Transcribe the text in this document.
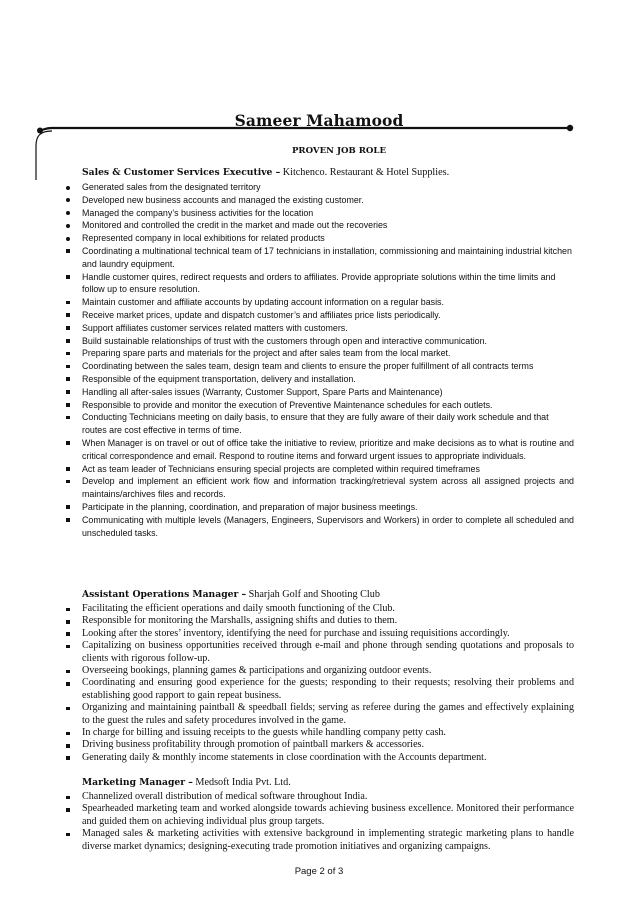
Sameer Mahamood
PROVEN JOB ROLE
Sales & Customer Services Executive – Kitchenco. Restaurant & Hotel Supplies.
Generated sales from the designated territory
Developed new business accounts and managed the existing customer.
Managed the company’s business activities for the location
Monitored and controlled the credit in the market and made out the recoveries
Represented company in local exhibitions for related products
Coordinating a multinational technical team of 17 technicians in installation, commissioning and maintaining industrial kitchen and laundry equipment.
Handle customer quires, redirect requests and orders to affiliates. Provide appropriate solutions within the time limits and follow up to ensure resolution.
Maintain customer and affiliate accounts by updating account information on a regular basis.
Receive market prices, update and dispatch customer’s and affiliates price lists periodically.
Support affiliates customer services related matters with customers.
Build sustainable relationships of trust with the customers through open and interactive communication.
Preparing spare parts and materials for the project and after sales team from the local market.
Coordinating between the sales team, design team and clients to ensure the proper fulfillment of all contracts terms
Responsible of the equipment transportation, delivery and installation.
Handling all after-sales issues (Warranty, Customer Support, Spare Parts and Maintenance)
Responsible to provide and monitor the execution of Preventive Maintenance schedules for each outlets.
Conducting Technicians meeting on daily basis, to ensure that they are fully aware of their daily work schedule and that routes are cost effective in terms of time.
When Manager is on travel or out of office take the initiative to review, prioritize and make decisions as to what is routine and critical correspondence and email. Respond to routine items and forward urgent issues to appropriate individuals.
Act as team leader of Technicians ensuring special projects are completed within required timeframes
Develop and implement an efficient work flow and information tracking/retrieval system across all assigned projects and maintains/archives files and records.
Participate in the planning, coordination, and preparation of major business meetings.
Communicating with multiple levels (Managers, Engineers, Supervisors and Workers) in order to complete all scheduled and unscheduled tasks.
Assistant Operations Manager – Sharjah Golf and Shooting Club
Facilitating the efficient operations and daily smooth functioning of the Club.
Responsible for monitoring the Marshalls, assigning shifts and duties to them.
Looking after the stores’ inventory, identifying the need for purchase and issuing requisitions accordingly.
Capitalizing on business opportunities received through e-mail and phone through sending quotations and proposals to clients with rigorous follow-up.
Overseeing bookings, planning games & participations and organizing outdoor events.
Coordinating and ensuring good experience for the guests; responding to their requests; resolving their problems and establishing good rapport to gain repeat business.
Organizing and maintaining paintball & speedball fields; serving as referee during the games and effectively explaining to the guest the rules and safety procedures involved in the game.
In charge for billing and issuing receipts to the guests while handling company petty cash.
Driving business profitability through promotion of paintball markers & accessories.
Generating daily & monthly income statements in close coordination with the Accounts department.
Marketing Manager – Medsoft India Pvt. Ltd.
Channelized overall distribution of medical software throughout India.
Spearheaded marketing team and worked alongside towards achieving business excellence. Monitored their performance and guided them on achieving individual plus group targets.
Managed sales & marketing activities with extensive background in implementing strategic marketing plans to handle diverse market dynamics; designing-executing trade promotion initiatives and organizing campaigns.
Page 2 of 3
